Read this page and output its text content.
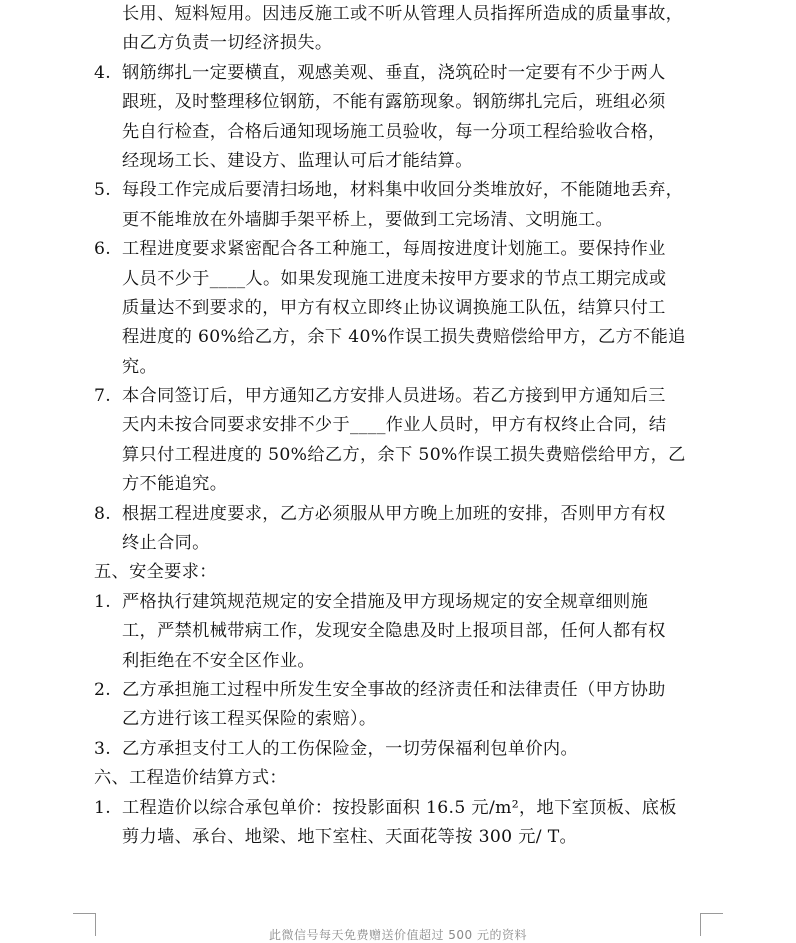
长用、短料短用。因违反施工或不听从管理人员指挥所造成的质量事故，
由乙方负责一切经济损失。
4. 钢筋绑扎一定要横直，观感美观、垂直，浇筑砼时一定要有不少于两人
跟班，及时整理移位钢筋，不能有露筋现象。钢筋绑扎完后，班组必须
先自行检查，合格后通知现场施工员验收，每一分项工程给验收合格，
经现场工长、建设方、监理认可后才能结算。
5. 每段工作完成后要清扫场地，材料集中收回分类堆放好，不能随地丢弃，
更不能堆放在外墙脚手架平桥上，要做到工完场清、文明施工。
6. 工程进度要求紧密配合各工种施工，每周按进度计划施工。要保持作业
人员不少于____人。如果发现施工进度未按甲方要求的节点工期完成或
质量达不到要求的，甲方有权立即终止协议调换施工队伍，结算只付工
程进度的 60%给乙方，余下 40%作误工损失费赔偿给甲方，乙方不能追
究。
7. 本合同签订后，甲方通知乙方安排人员进场。若乙方接到甲方通知后三
天内未按合同要求安排不少于____作业人员时，甲方有权终止合同，结
算只付工程进度的 50%给乙方，余下 50%作误工损失费赔偿给甲方，乙
方不能追究。
8. 根据工程进度要求，乙方必须服从甲方晚上加班的安排，否则甲方有权
终止合同。
五、安全要求：
1. 严格执行建筑规范规定的安全措施及甲方现场规定的安全规章细则施
工，严禁机械带病工作，发现安全隐患及时上报项目部，任何人都有权
利拒绝在不安全区作业。
2. 乙方承担施工过程中所发生安全事故的经济责任和法律责任（甲方协助
乙方进行该工程买保险的索赔）。
3. 乙方承担支付工人的工伤保险金，一切劳保福利包单价内。
六、工程造价结算方式：
1. 工程造价以综合承包单价：按投影面积 16.5 元/m²，地下室顶板、底板
剪力墙、承台、地梁、地下室柱、天面花等按 300 元/ T。
此微信号每天免费赠送价值超过 500 元的资料
